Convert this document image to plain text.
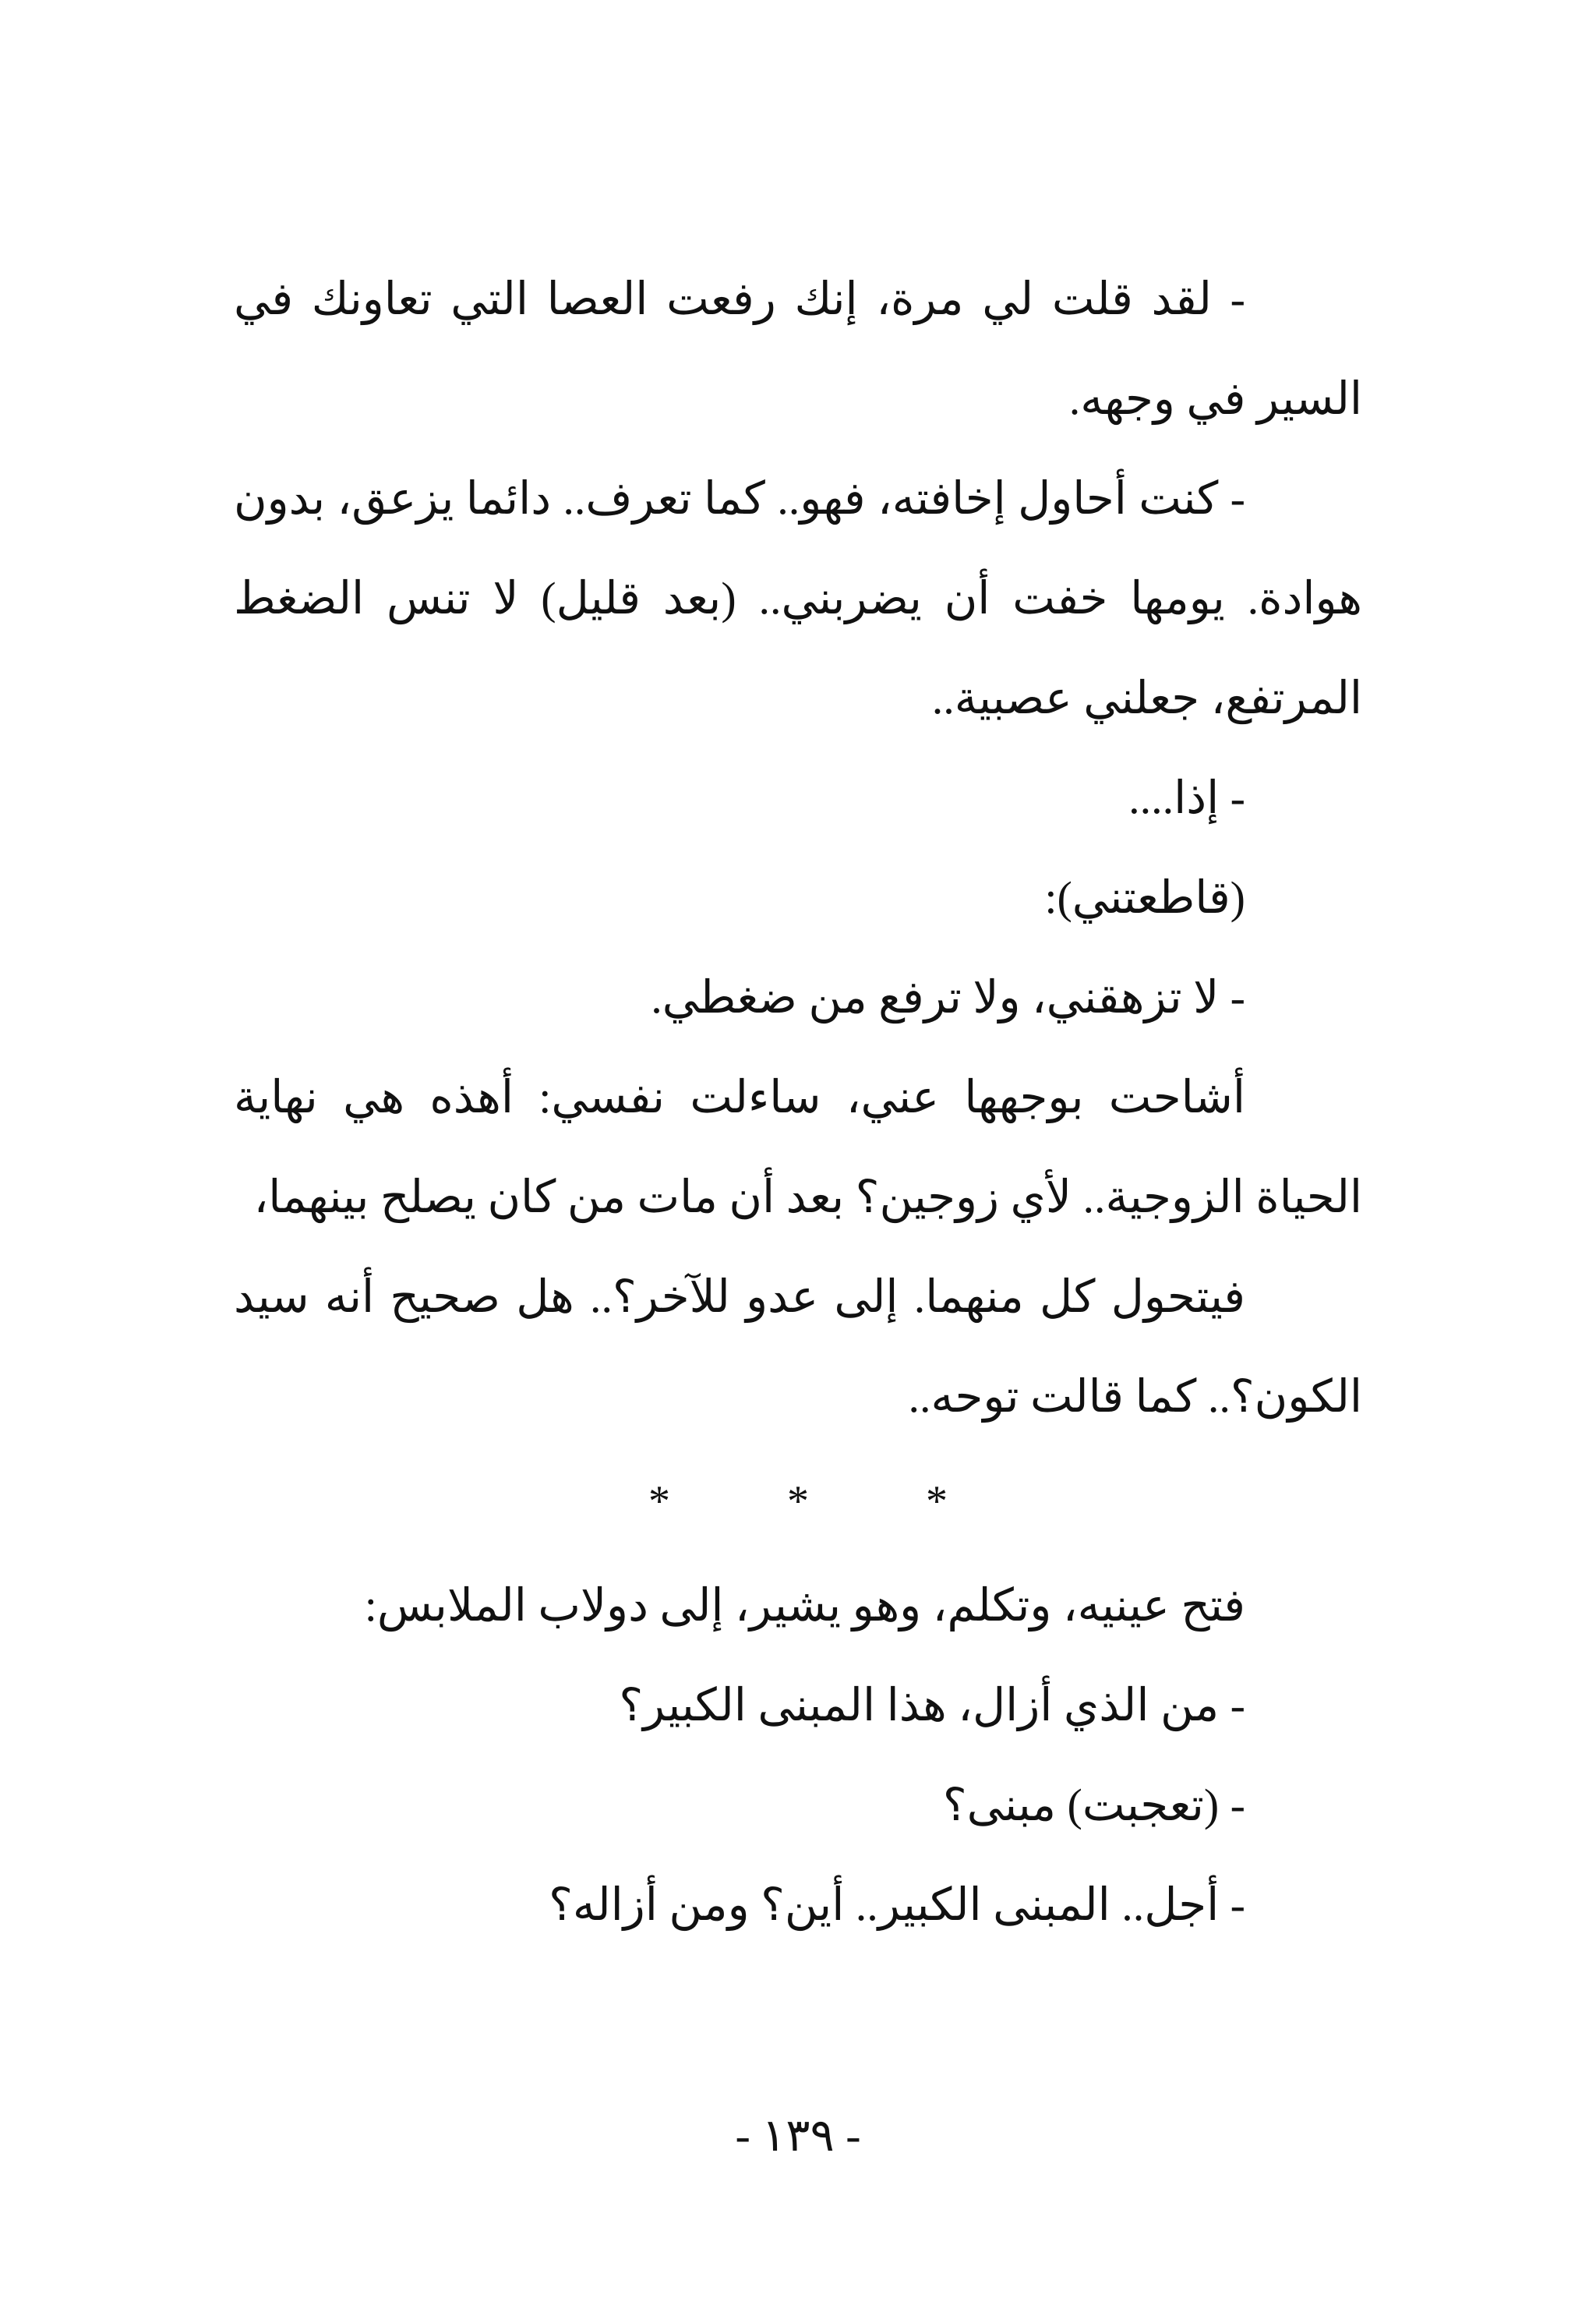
- لقد قلت لي مرة، إنك رفعت العصا التي تعاونك في السير في وجهه.

- كنت أحاول إخافته، فهو.. كما تعرف.. دائما يزعق، بدون هوادة. يومها خفت أن يضربني.. (بعد قليل) لا تنس الضغط المرتفع، جعلني عصبية..

- إذا....

(قاطعتني):

- لا تزهقني، ولا ترفع من ضغطي.

أشاحت بوجهها عني، ساءلت نفسي: أهذه هي نهاية الحياة الزوجية.. لأي زوجين؟ بعد أن مات من كان يصلح بينهما،

فيتحول كل منهما. إلى عدو للآخر؟.. هل صحيح أنه سيد الكون؟.. كما قالت توحه..

*	*	*

فتح عينيه، وتكلم، وهو يشير، إلى دولاب الملابس:

- من الذي أزال، هذا المبنى الكبير؟

- (تعجبت) مبنى؟

- أجل.. المبنى الكبير.. أين؟ ومن أزاله؟

- ١٣٩ -
